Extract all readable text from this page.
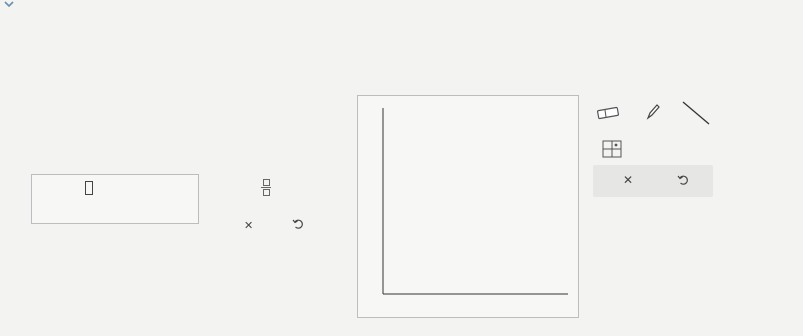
✕
✕
